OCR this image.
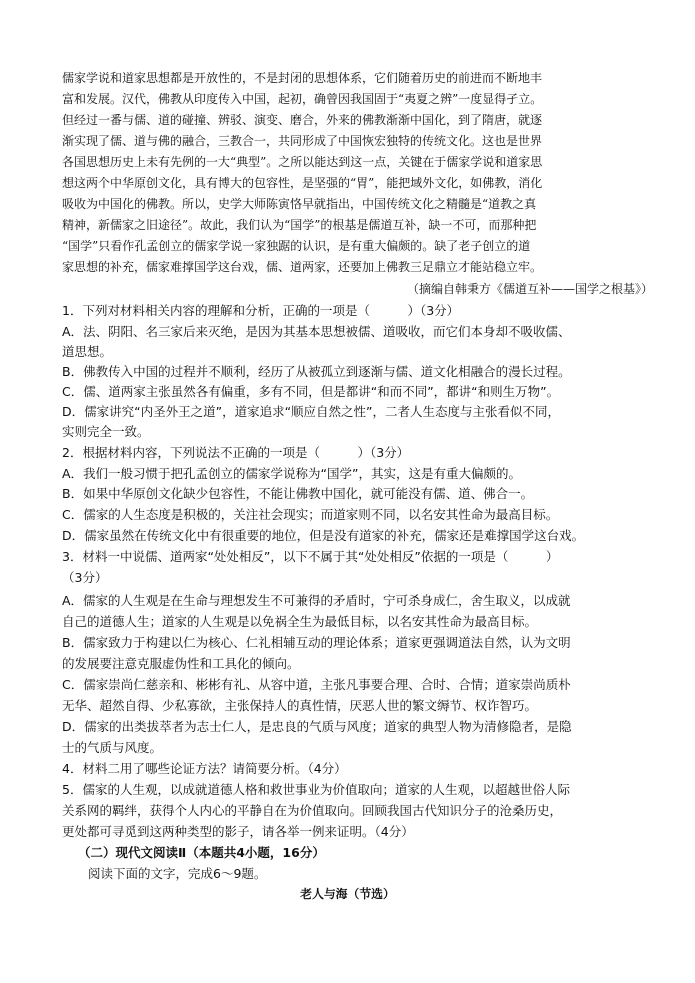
儒家学说和道家思想都是开放性的，不是封闭的思想体系，它们随着历史的前进而不断地丰
富和发展。汉代，佛教从印度传入中国，起初，确曾因我国固于“夷夏之辨”一度显得孑立。
但经过一番与儒、道的碰撞、辨驳、演变、磨合，外来的佛教渐渐中国化，到了隋唐，就逐
渐实现了儒、道与佛的融合，三教合一，共同形成了中国恢宏独特的传统文化。这也是世界
各国思想历史上未有先例的一大“典型”。之所以能达到这一点，关键在于儒家学说和道家思
想这两个中华原创文化，具有博大的包容性，是坚强的“胃”，能把域外文化，如佛教，消化
吸收为中国化的佛教。所以，史学大师陈寅恪早就指出，中国传统文化之精髓是“道教之真
精神，新儒家之旧途径”。故此，我们认为“国学”的根基是儒道互补，缺一不可，而那种把
“国学”只看作孔孟创立的儒家学说一家独踞的认识，是有重大偏颇的。缺了老子创立的道
家思想的补充，儒家难撑国学这台戏，儒、道两家，还要加上佛教三足鼎立才能站稳立牢。
（摘编自韩秉方《儒道互补——国学之根基》）
1．下列对材料相关内容的理解和分析，正确的一项是（　　　）（3分）
A．法、阴阳、名三家后来灭绝，是因为其基本思想被儒、道吸收，而它们本身却不吸收儒、
道思想。
B．佛教传入中国的过程并不顺利，经历了从被孤立到逐渐与儒、道文化相融合的漫长过程。
C．儒、道两家主张虽然各有偏重，多有不同，但是都讲“和而不同”，都讲“和则生万物”。
D．儒家讲究“内圣外王之道”，道家追求“顺应自然之性”，二者人生态度与主张看似不同，
实则完全一致。
2．根据材料内容，下列说法不正确的一项是（　　　）（3分）
A．我们一般习惯于把孔孟创立的儒家学说称为“国学”，其实，这是有重大偏颇的。
B．如果中华原创文化缺少包容性，不能让佛教中国化，就可能没有儒、道、佛合一。
C．儒家的人生态度是积极的，关注社会现实；而道家则不同，以名安其性命为最高目标。
D．儒家虽然在传统文化中有很重要的地位，但是没有道家的补充，儒家还是难撑国学这台戏。
3．材料一中说儒、道两家“处处相反”，以下不属于其“处处相反”依据的一项是（　　　）
（3分）
A．儒家的人生观是在生命与理想发生不可兼得的矛盾时，宁可杀身成仁，舍生取义，以成就
自己的道德人生；道家的人生观是以免祸全生为最低目标，以名安其性命为最高目标。
B．儒家致力于构建以仁为核心、仁礼相辅互动的理论体系；道家更强调道法自然，认为文明
的发展要注意克服虚伪性和工具化的倾向。
C．儒家崇尚仁慈亲和、彬彬有礼、从容中道，主张凡事要合理、合时、合情；道家崇尚质朴
无华、超然自得、少私寡欲，主张保持人的真性情，厌恶人世的繁文缛节、权诈智巧。
D．儒家的出类拔萃者为志士仁人，是忠良的气质与风度；道家的典型人物为清修隐者，是隐
士的气质与风度。
4．材料二用了哪些论证方法？请简要分析。（4分）
5．儒家的人生观，以成就道德人格和救世事业为价值取向；道家的人生观，以超越世俗人际
关系网的羁绊，获得个人内心的平静自在为价值取向。回顾我国古代知识分子的沧桑历史，
更处都可寻觅到这两种类型的影子，请各举一例来证明。（4分）
（二）现代文阅读Ⅱ（本题共4小题，16分）
阅读下面的文字，完成6～9题。
老人与海（节选）
